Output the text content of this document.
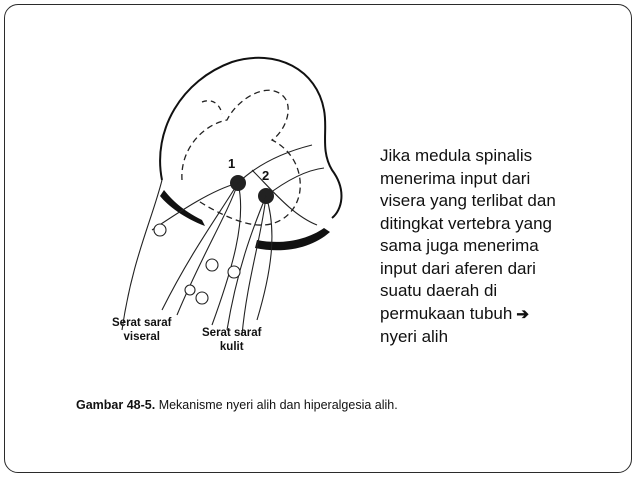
1
2
Serat saraf
viseral	Serat saraf
kulit
Gambar 48-5. Mekanisme nyeri alih dan hiperalgesia alih.
Jika medula spinalis
menerima input dari
visera yang terlibat dan
ditingkat vertebra yang
sama juga menerima
input dari aferen dari
suatu daerah di
permukaan tubuh ➔
nyeri alih
